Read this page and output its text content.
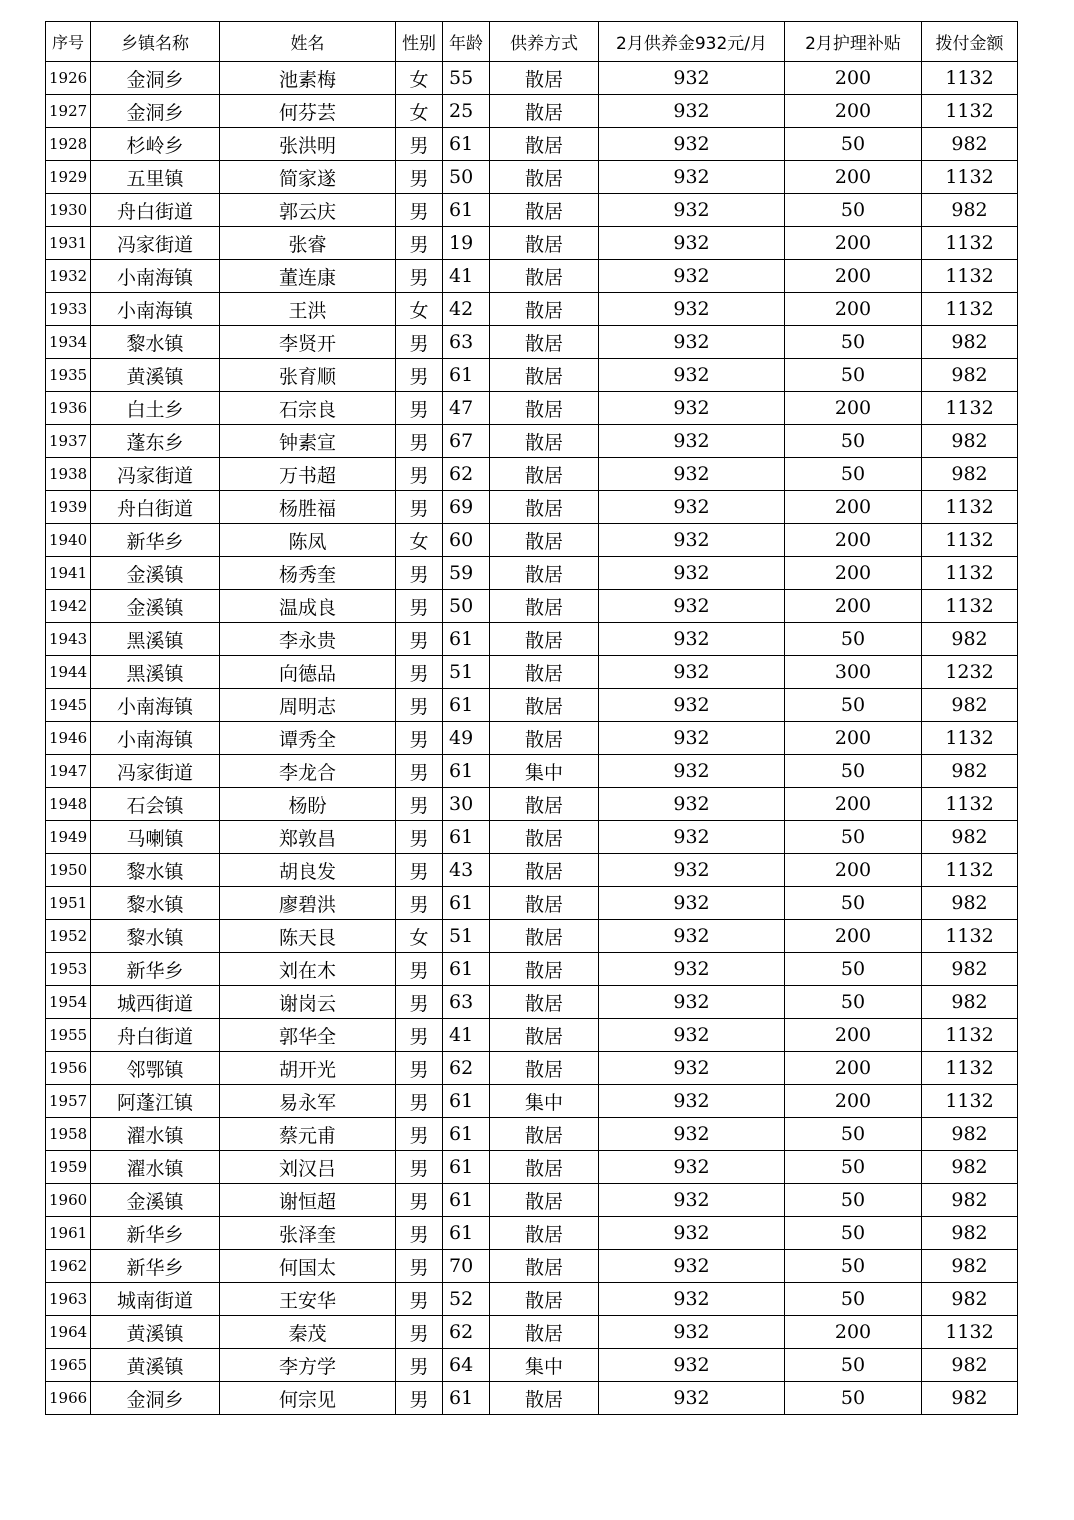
序号	乡镇名称	姓名	性别	年龄	供养方式	2月供养金932元/月	2月护理补贴	拨付金额
1926	金洞乡	池素梅	女	55	散居	932	200	1132
1927	金洞乡	何芬芸	女	25	散居	932	200	1132
1928	杉岭乡	张洪明	男	61	散居	932	50	982
1929	五里镇	简家遂	男	50	散居	932	200	1132
1930	舟白街道	郭云庆	男	61	散居	932	50	982
1931	冯家街道	张睿	男	19	散居	932	200	1132
1932	小南海镇	董连康	男	41	散居	932	200	1132
1933	小南海镇	王洪	女	42	散居	932	200	1132
1934	黎水镇	李贤开	男	63	散居	932	50	982
1935	黄溪镇	张育顺	男	61	散居	932	50	982
1936	白土乡	石宗良	男	47	散居	932	200	1132
1937	蓬东乡	钟素宣	男	67	散居	932	50	982
1938	冯家街道	万书超	男	62	散居	932	50	982
1939	舟白街道	杨胜福	男	69	散居	932	200	1132
1940	新华乡	陈凤	女	60	散居	932	200	1132
1941	金溪镇	杨秀奎	男	59	散居	932	200	1132
1942	金溪镇	温成良	男	50	散居	932	200	1132
1943	黑溪镇	李永贵	男	61	散居	932	50	982
1944	黑溪镇	向德品	男	51	散居	932	300	1232
1945	小南海镇	周明志	男	61	散居	932	50	982
1946	小南海镇	谭秀全	男	49	散居	932	200	1132
1947	冯家街道	李龙合	男	61	集中	932	50	982
1948	石会镇	杨盼	男	30	散居	932	200	1132
1949	马喇镇	郑敦昌	男	61	散居	932	50	982
1950	黎水镇	胡良发	男	43	散居	932	200	1132
1951	黎水镇	廖碧洪	男	61	散居	932	50	982
1952	黎水镇	陈天艮	女	51	散居	932	200	1132
1953	新华乡	刘在木	男	61	散居	932	50	982
1954	城西街道	谢岗云	男	63	散居	932	50	982
1955	舟白街道	郭华全	男	41	散居	932	200	1132
1956	邻鄂镇	胡开光	男	62	散居	932	200	1132
1957	阿蓬江镇	易永军	男	61	集中	932	200	1132
1958	濯水镇	蔡元甫	男	61	散居	932	50	982
1959	濯水镇	刘汉吕	男	61	散居	932	50	982
1960	金溪镇	谢恒超	男	61	散居	932	50	982
1961	新华乡	张泽奎	男	61	散居	932	50	982
1962	新华乡	何国太	男	70	散居	932	50	982
1963	城南街道	王安华	男	52	散居	932	50	982
1964	黄溪镇	秦茂	男	62	散居	932	200	1132
1965	黄溪镇	李方学	男	64	集中	932	50	982
1966	金洞乡	何宗见	男	61	散居	932	50	982
